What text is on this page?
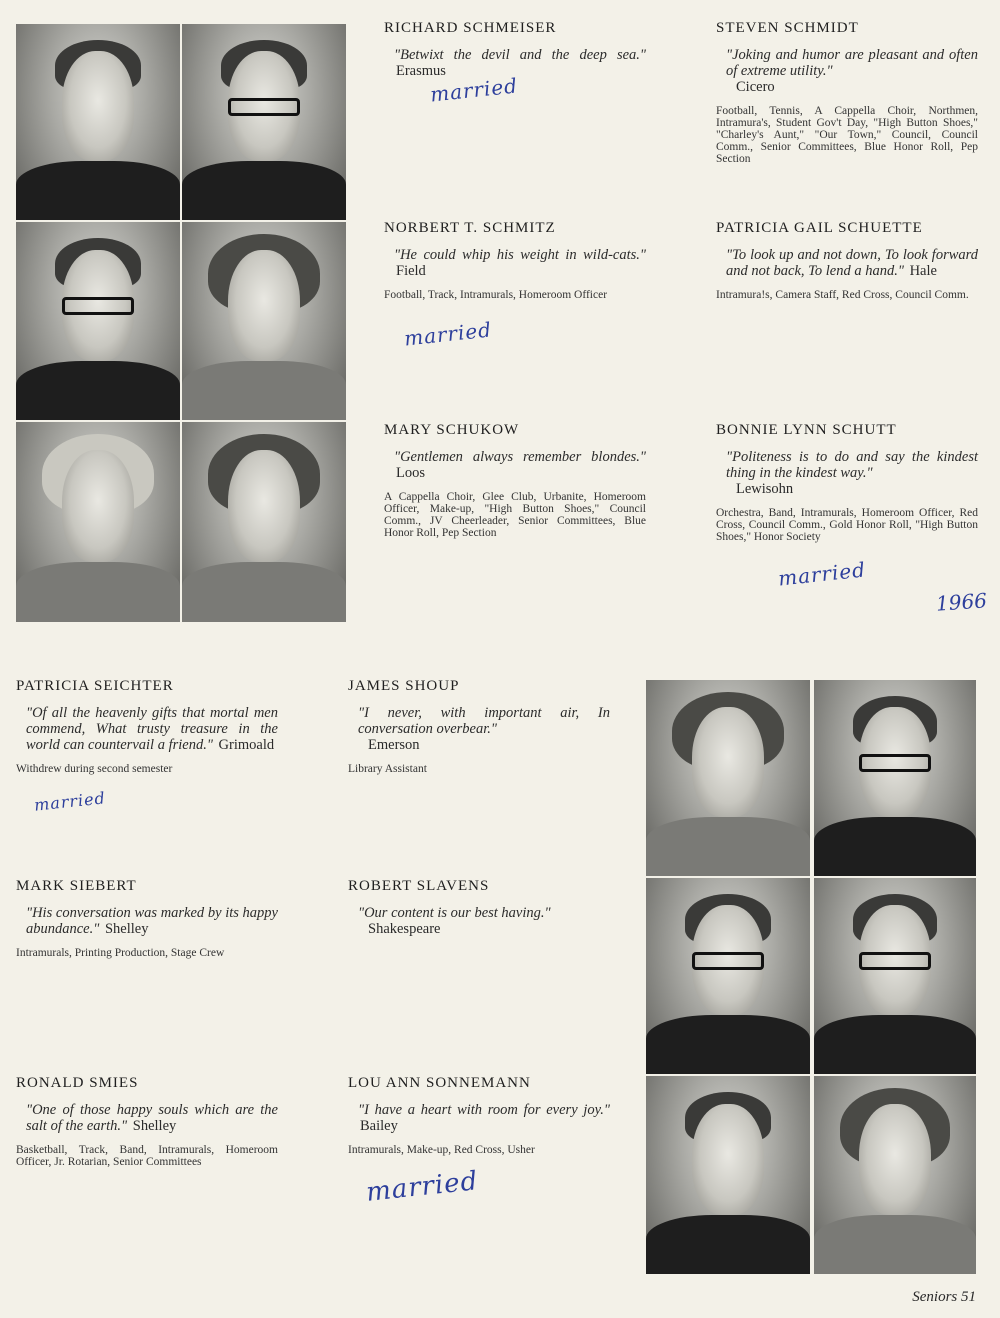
RICHARD SCHMEISER

"Betwixt the devil and the deep sea." Erasmus

married

STEVEN SCHMIDT

"Joking and humor are pleasant and often of extreme utility."

Cicero

Football, Tennis, A Cappella Choir, Northmen, Intramura's, Student Gov't Day, "High Button Shoes," "Charley's Aunt," "Our Town," Council, Council Comm., Senior Committees, Blue Honor Roll, Pep Section

NORBERT T. SCHMITZ

"He could whip his weight in wild-cats." Field

Football, Track, Intramurals, Homeroom Officer

married

PATRICIA GAIL SCHUETTE

"To look up and not down, To look forward and not back, To lend a hand." Hale

Intramura!s, Camera Staff, Red Cross, Council Comm.

MARY SCHUKOW

"Gentlemen always remember blondes." Loos

A Cappella Choir, Glee Club, Urbanite, Homeroom Officer, Make-up, "High Button Shoes," Council Comm., JV Cheerleader, Senior Committees, Blue Honor Roll, Pep Section

BONNIE LYNN SCHUTT

"Politeness is to do and say the kindest thing in the kindest way."

Lewisohn

Orchestra, Band, Intramurals, Homeroom Officer, Red Cross, Council Comm., Gold Honor Roll, "High Button Shoes," Honor Society

married
1966

PATRICIA SEICHTER

"Of all the heavenly gifts that mortal men commend, What trusty treasure in the world can countervail a friend." Grimoald

Withdrew during second semester

married

JAMES SHOUP

"I never, with important air, In conversation overbear."

Emerson

Library Assistant

MARK SIEBERT

"His conversation was marked by its happy abundance." Shelley

Intramurals, Printing Production, Stage Crew

ROBERT SLAVENS

"Our content is our best having."

Shakespeare

RONALD SMIES

"One of those happy souls which are the salt of the earth." Shelley

Basketball, Track, Band, Intramurals, Homeroom Officer, Jr. Rotarian, Senior Committees

LOU ANN SONNEMANN

"I have a heart with room for every joy." Bailey

Intramurals, Make-up, Red Cross, Usher

married
Seniors 51
